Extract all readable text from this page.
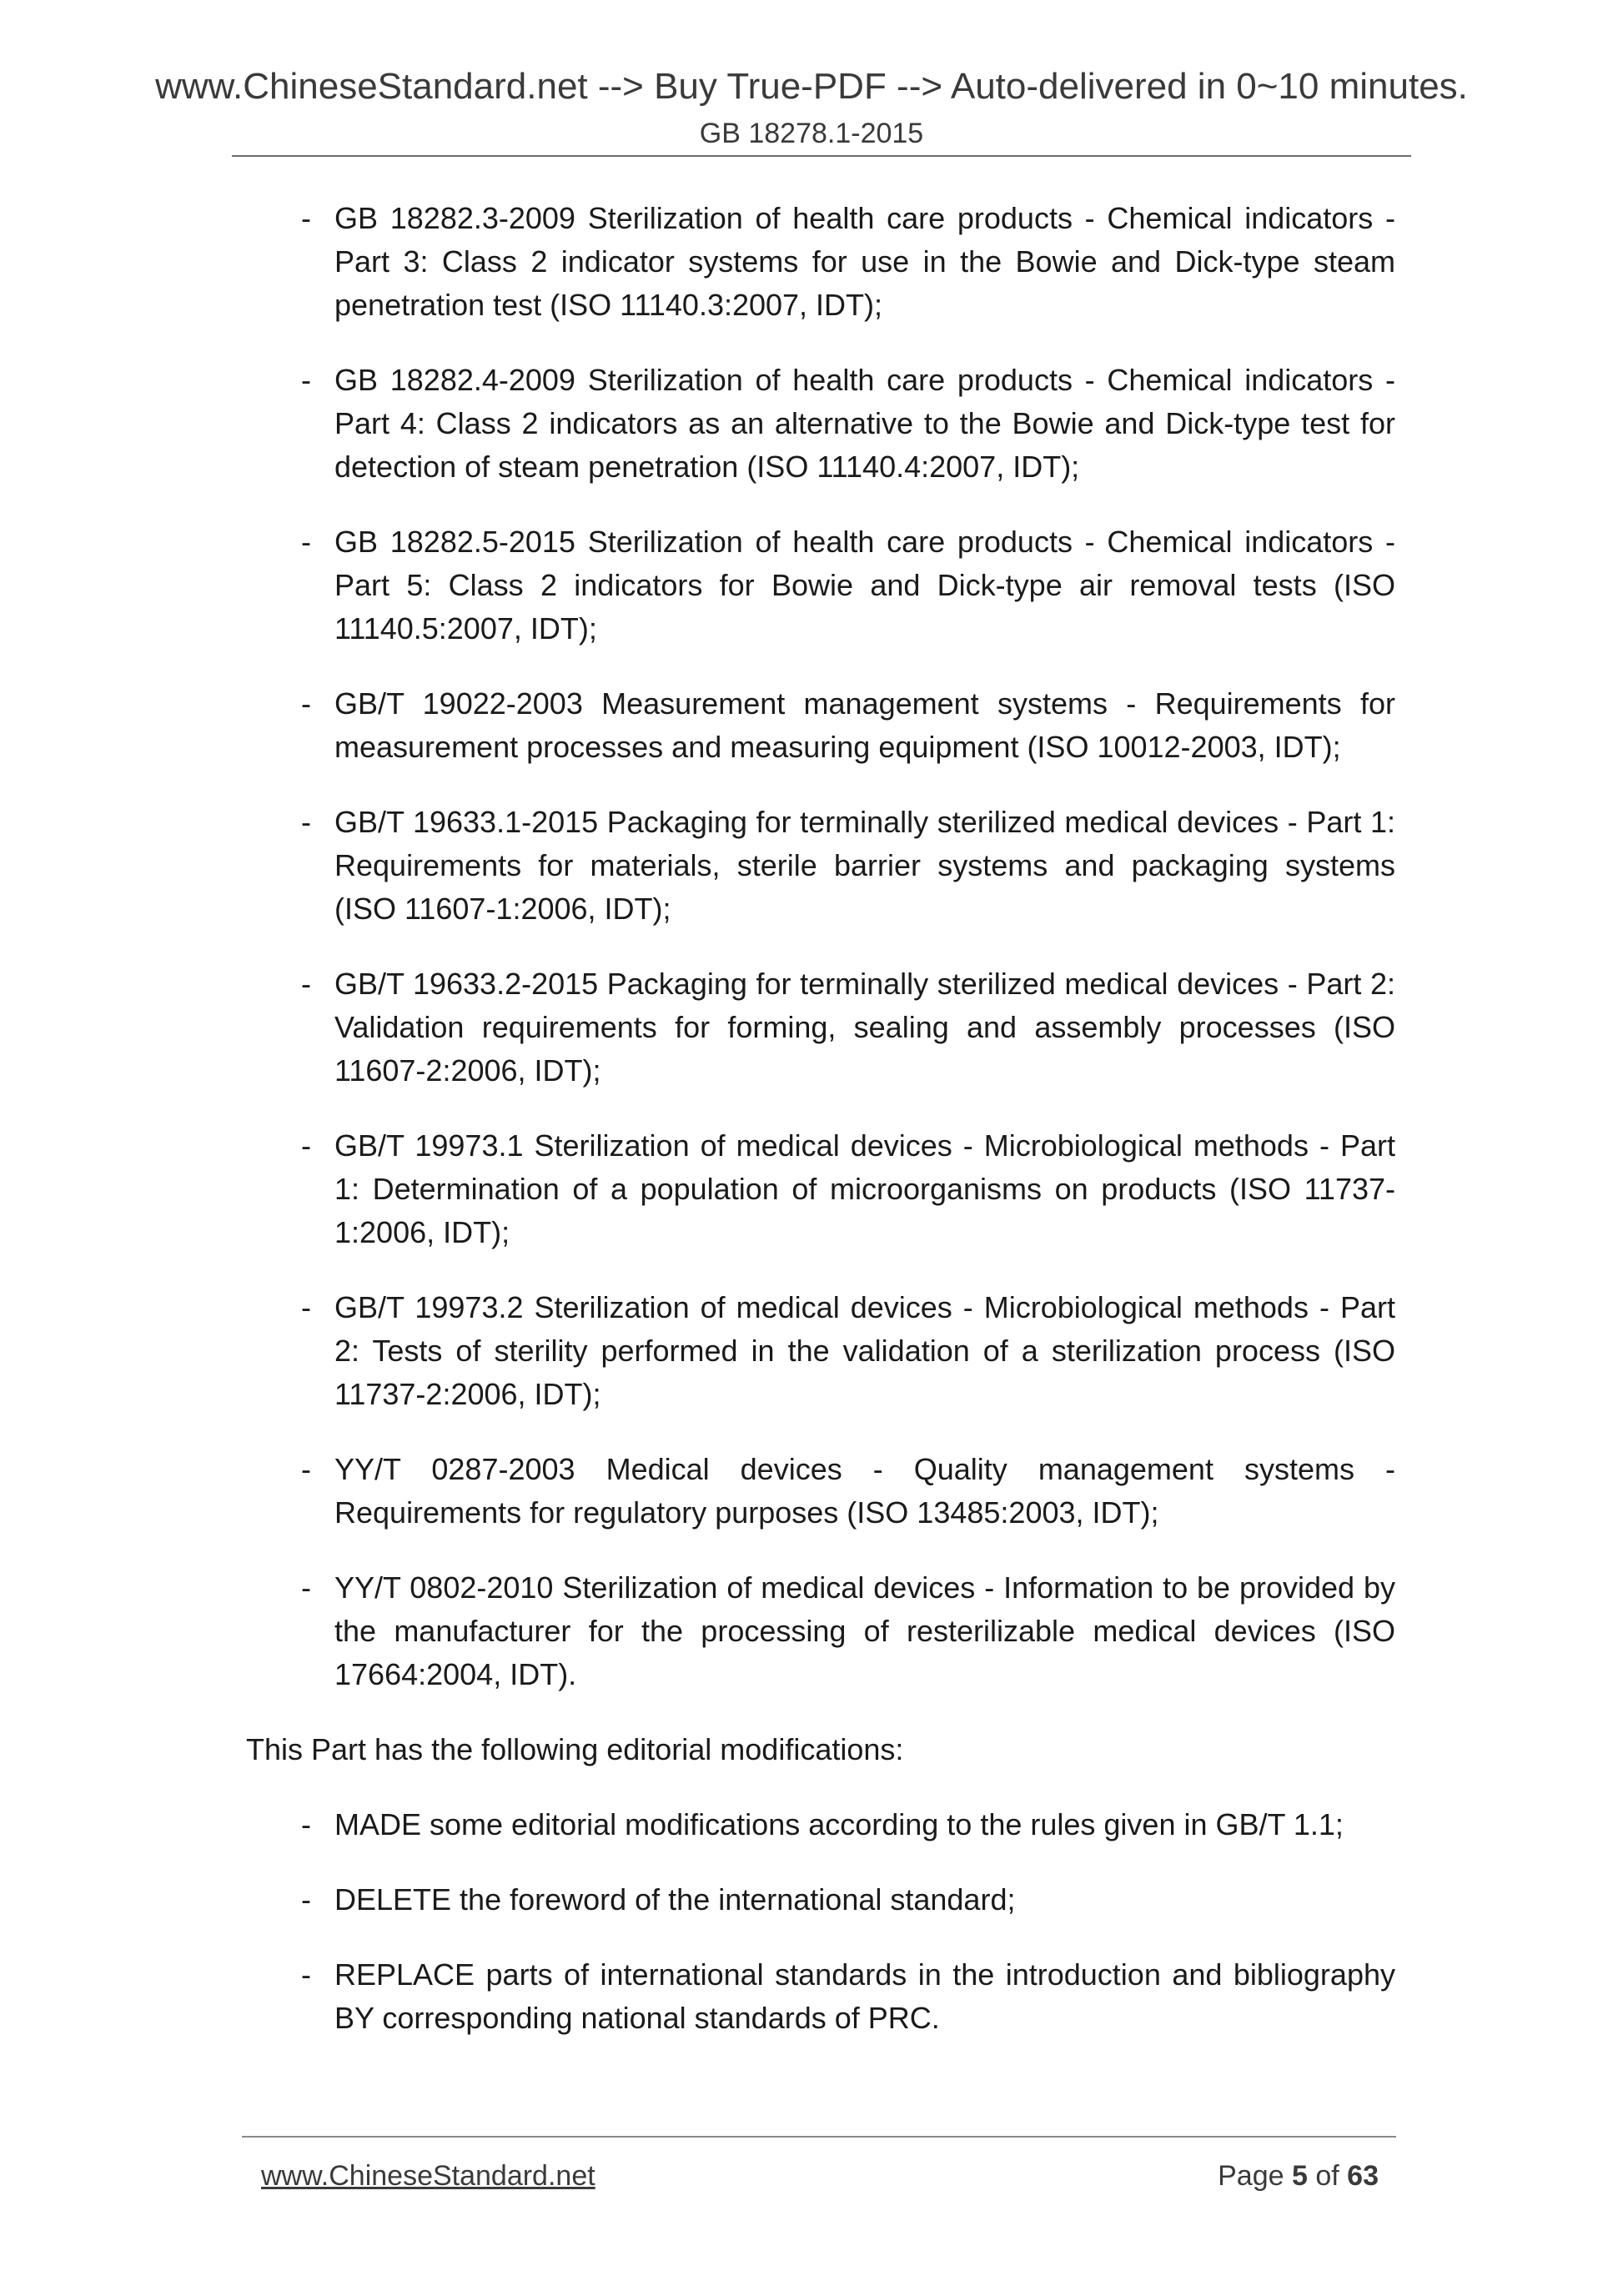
www.ChineseStandard.net --> Buy True-PDF --> Auto-delivered in 0~10 minutes.
GB 18278.1-2015
- GB 18282.3-2009 Sterilization of health care products - Chemical indicators - Part 3: Class 2 indicator systems for use in the Bowie and Dick-type steam penetration test (ISO 11140.3:2007, IDT);
- GB 18282.4-2009 Sterilization of health care products - Chemical indicators - Part 4: Class 2 indicators as an alternative to the Bowie and Dick-type test for detection of steam penetration (ISO 11140.4:2007, IDT);
- GB 18282.5-2015 Sterilization of health care products - Chemical indicators - Part 5: Class 2 indicators for Bowie and Dick-type air removal tests (ISO 11140.5:2007, IDT);
- GB/T 19022-2003 Measurement management systems - Requirements for measurement processes and measuring equipment (ISO 10012-2003, IDT);
- GB/T 19633.1-2015 Packaging for terminally sterilized medical devices - Part 1: Requirements for materials, sterile barrier systems and packaging systems (ISO 11607-1:2006, IDT);
- GB/T 19633.2-2015 Packaging for terminally sterilized medical devices - Part 2: Validation requirements for forming, sealing and assembly processes (ISO 11607-2:2006, IDT);
- GB/T 19973.1 Sterilization of medical devices - Microbiological methods - Part 1: Determination of a population of microorganisms on products (ISO 11737-1:2006, IDT);
- GB/T 19973.2 Sterilization of medical devices - Microbiological methods - Part 2: Tests of sterility performed in the validation of a sterilization process (ISO 11737-2:2006, IDT);
- YY/T 0287-2003 Medical devices - Quality management systems - Requirements for regulatory purposes (ISO 13485:2003, IDT);
- YY/T 0802-2010 Sterilization of medical devices - Information to be provided by the manufacturer for the processing of resterilizable medical devices (ISO 17664:2004, IDT).

This Part has the following editorial modifications:

- MADE some editorial modifications according to the rules given in GB/T 1.1;
- DELETE the foreword of the international standard;
- REPLACE parts of international standards in the introduction and bibliography BY corresponding national standards of PRC.
www.ChineseStandard.net	Page 5 of 63
